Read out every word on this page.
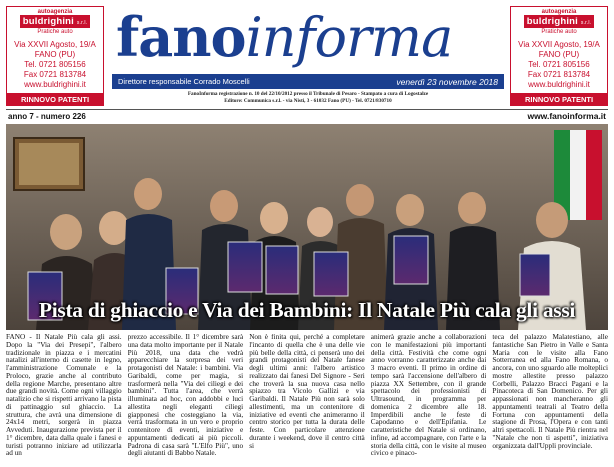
autoagenzia
buldrighini s.r.l.
Pratiche auto
Via XXVII Agosto, 19/A
FANO (PU)
Tel. 0721 805156
Fax 0721 813784
www.buldrighini.it
RINNOVO PATENTI
autoagenzia
buldrighini s.r.l.
Pratiche auto
Via XXVII Agosto, 19/A
FANO (PU)
Tel. 0721 805156
Fax 0721 813784
www.buldrighini.it
RINNOVO PATENTI
fanoinforma
Direttore responsabile Corrado Moscelli	venerdì 23 novembre 2018
FanoInforma registrazione n. 10 del 22/10/2012 presso il Tribunale di Pesaro - Stampato a cura di Logostalze
Editore: Communica s.r.l. - via Nisti, 3 - 61032 Fano (PU) - Tel. 0721/830710
anno 7 - numero 226	www.fanoinforma.it
Pista di ghiaccio e Via dei Bambini: Il Natale Più cala gli assi

FANO - Il Natale Più cala gli assi. Dopo la "Via dei Presepi", l'albero tradizionale in piazza e i mercatini natalizi all'interno di casette in legno, l'amministrazione Comunale e la Proloco, grazie anche al contributo della regione Marche, presentano altre due grandi novità. Come ogni villaggio natalizio che si rispetti arrivano la pista di pattinaggio sul ghiaccio. La struttura, che avrà una dimensione di 24x14 metri, sorgerà in piazza Avveduti. Inaugurazione prevista per il 1° dicembre, data dalla quale i fanesi e turisti potranno iniziare ad utilizzarla ad un

prezzo accessibile. Il 1° dicembre sarà una data molto importante per il Natale Più 2018, una data che vedrà apparecchiare la sorpresa dei veri protagonisti del Natale: i bambini. Via Garibaldi, come per magia, si trasformerà nella "Via dei ciliegi e dei bambini". Tutta l'area, che verrà illuminata ad hoc, con addobbi e luci allestita negli eleganti ciliegi giapponesi che costeggiano la via, verrà trasformata in un vero e proprio contenitore di eventi, iniziative e appuntamenti dedicati ai più piccoli. Padrona di casa sarà "L'Elfo Più", uno degli aiutanti di Babbo Natale.

Non è finita qui, perché a completare l'incanto di quella che è una delle vie più belle della città, ci penserà uno dei grandi protagonisti del Natale fanese degli ultimi anni: l'albero artistico realizzato dai fanesi Del Signore - Seri che troverà la sua nuova casa nello spiazzo tra Vicolo Gallizi e via Garibaldi. Il Natale Più non sarà solo allestimenti, ma un contenitore di iniziative ed eventi che animeranno il centro storico per tutta la durata delle feste. Con particolare attenzione durante i weekend, dove il centro città si

animerà grazie anche a collaborazioni con le manifestazioni più importanti della città. Festività che come ogni anno vorranno caratterizzate anche dai 3 macro eventi. Il primo in ordine di tempo sarà l'accensione dell'albero di piazza XX Settembre, con il grande spettacolo dei professionisti di Ultrasound, in programma per domenica 2 dicembre alle 18. Imperdibili anche le feste di Capodanno e dell'Epifania. Le caratteristiche del Natale si ordinano, infine, ad accompagnare, con l'arte e la storia della città, con le visite al museo civico e pinaco-

teca del palazzo Malatestiano, alle fantastiche San Pietro in Valle e Santa Maria con le visite alla Fano Sotterranea ed alla Fano Romana, o ancora, con uno sguardo alle molteplici mostre allestite presso palazzo Corbelli, Palazzo Bracci Pagani e la Pinacoteca di San Domenico. Per gli appassionati non mancheranno gli appuntamenti teatrali al Teatro della Fortuna con appuntamenti della stagione di Prosa, l'Opera e con tanti altri spettacoli. Il Natale Più rientra nel "Natale che non ti aspetti", iniziativa organizzata dall'Uppli provinciale.
